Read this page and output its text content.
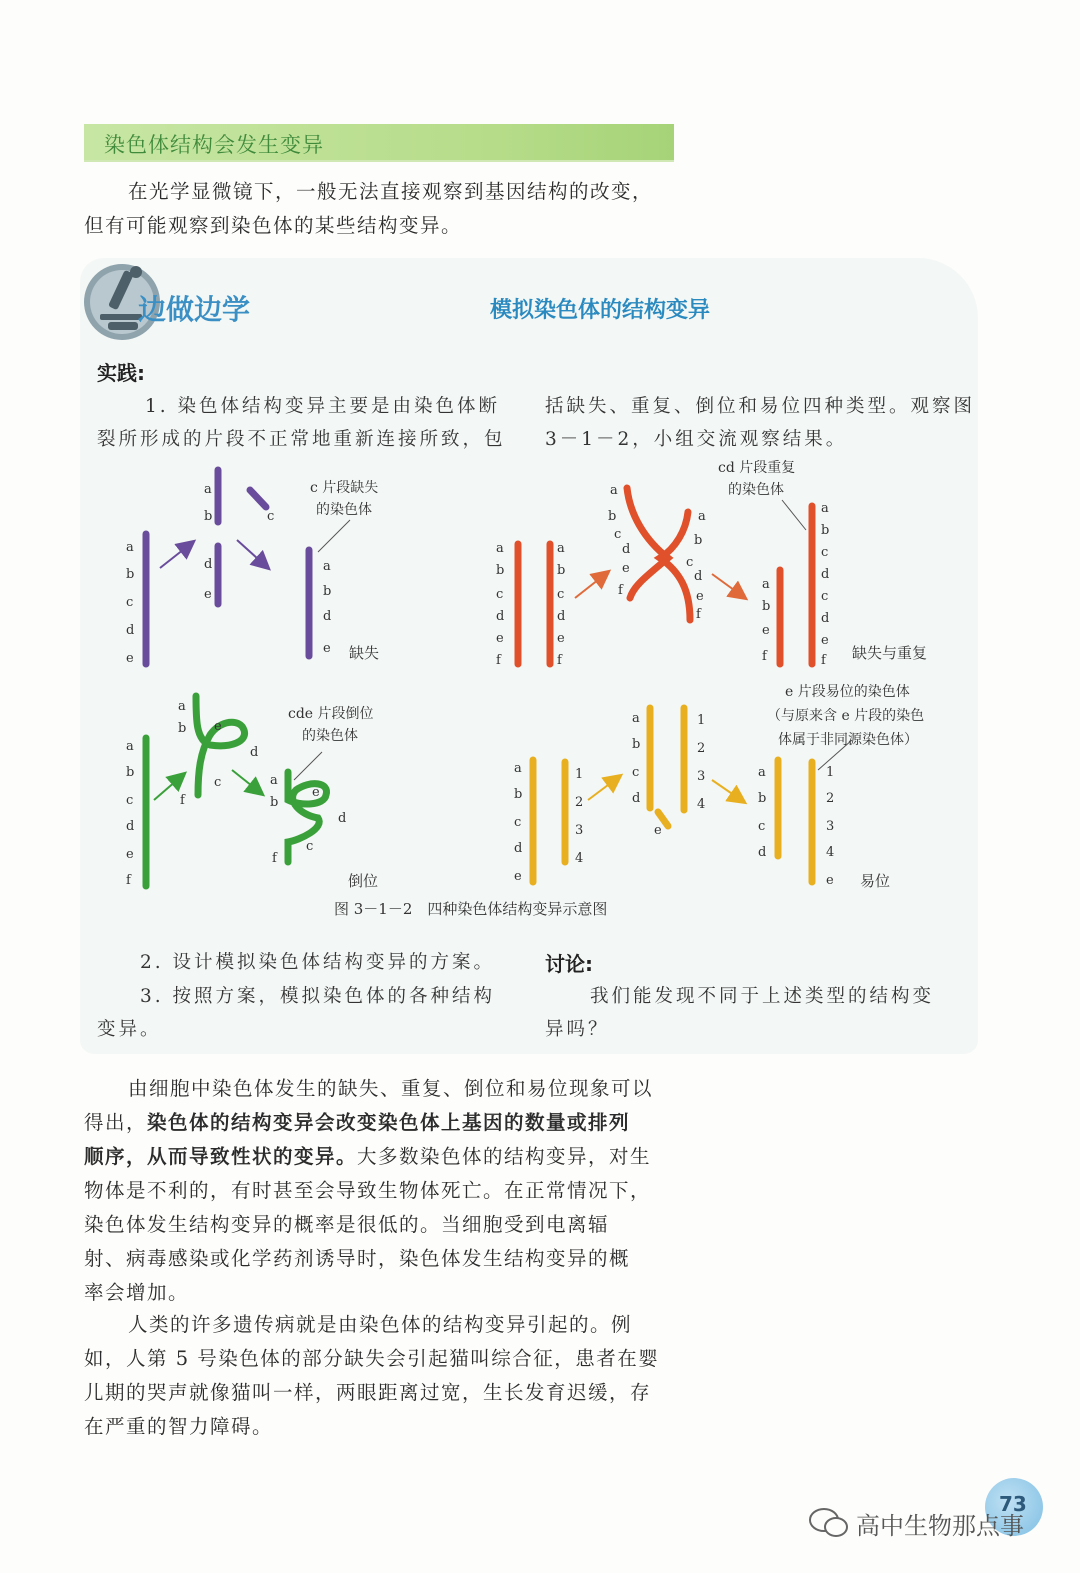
染色体结构会发生变异
在光学显微镜下，一般无法直接观察到基因结构的改变，
但有可能观察到染色体的某些结构变异。
边做边学	模拟染色体的结构变异
实践:
1. 染色体结构变异主要是由染色体断
裂所形成的片段不正常地重新连接所致，包
括缺失、重复、倒位和易位四种类型。观察图
3－1－2，小组交流观察结果。
a
b
c
d
e
a
b	c
d
e
a
b
d
e
c 片段缺失
的染色体
缺失
a
b
c
d
e
f
a
b
c
d
e
f
a
b
c
d
e
f
a
b
c
d
e
f
a
b
e
f
a
b
c
d
c
d
e
f
cd 片段重复
的染色体
缺失与重复
a
b
c
d
e
f
a
b e
d
c
f
a
b
e
d
c
f
cde 片段倒位
的染色体
倒位
a
b
c
d
e
1
2
3
4
a
b
c
d
e
1
2
3
4
a
b
c
d
1
2
3
4
e
e 片段易位的染色体
（与原来含 e 片段的染色
体属于非同源染色体）
易位
图 3－1－2　四种染色体结构变异示意图
2. 设计模拟染色体结构变异的方案。
3. 按照方案，模拟染色体的各种结构
变异。
讨论:
我们能发现不同于上述类型的结构变
异吗？
由细胞中染色体发生的缺失、重复、倒位和易位现象可以
得出，染色体的结构变异会改变染色体上基因的数量或排列
顺序，从而导致性状的变异。大多数染色体的结构变异，对生
物体是不利的，有时甚至会导致生物体死亡。在正常情况下，
染色体发生结构变异的概率是很低的。当细胞受到电离辐
射、病毒感染或化学药剂诱导时，染色体发生结构变异的概
率会增加。
人类的许多遗传病就是由染色体的结构变异引起的。例
如，人第 5 号染色体的部分缺失会引起猫叫综合征，患者在婴
儿期的哭声就像猫叫一样，两眼距离过宽，生长发育迟缓，存
在严重的智力障碍。
73
高中生物那点事
